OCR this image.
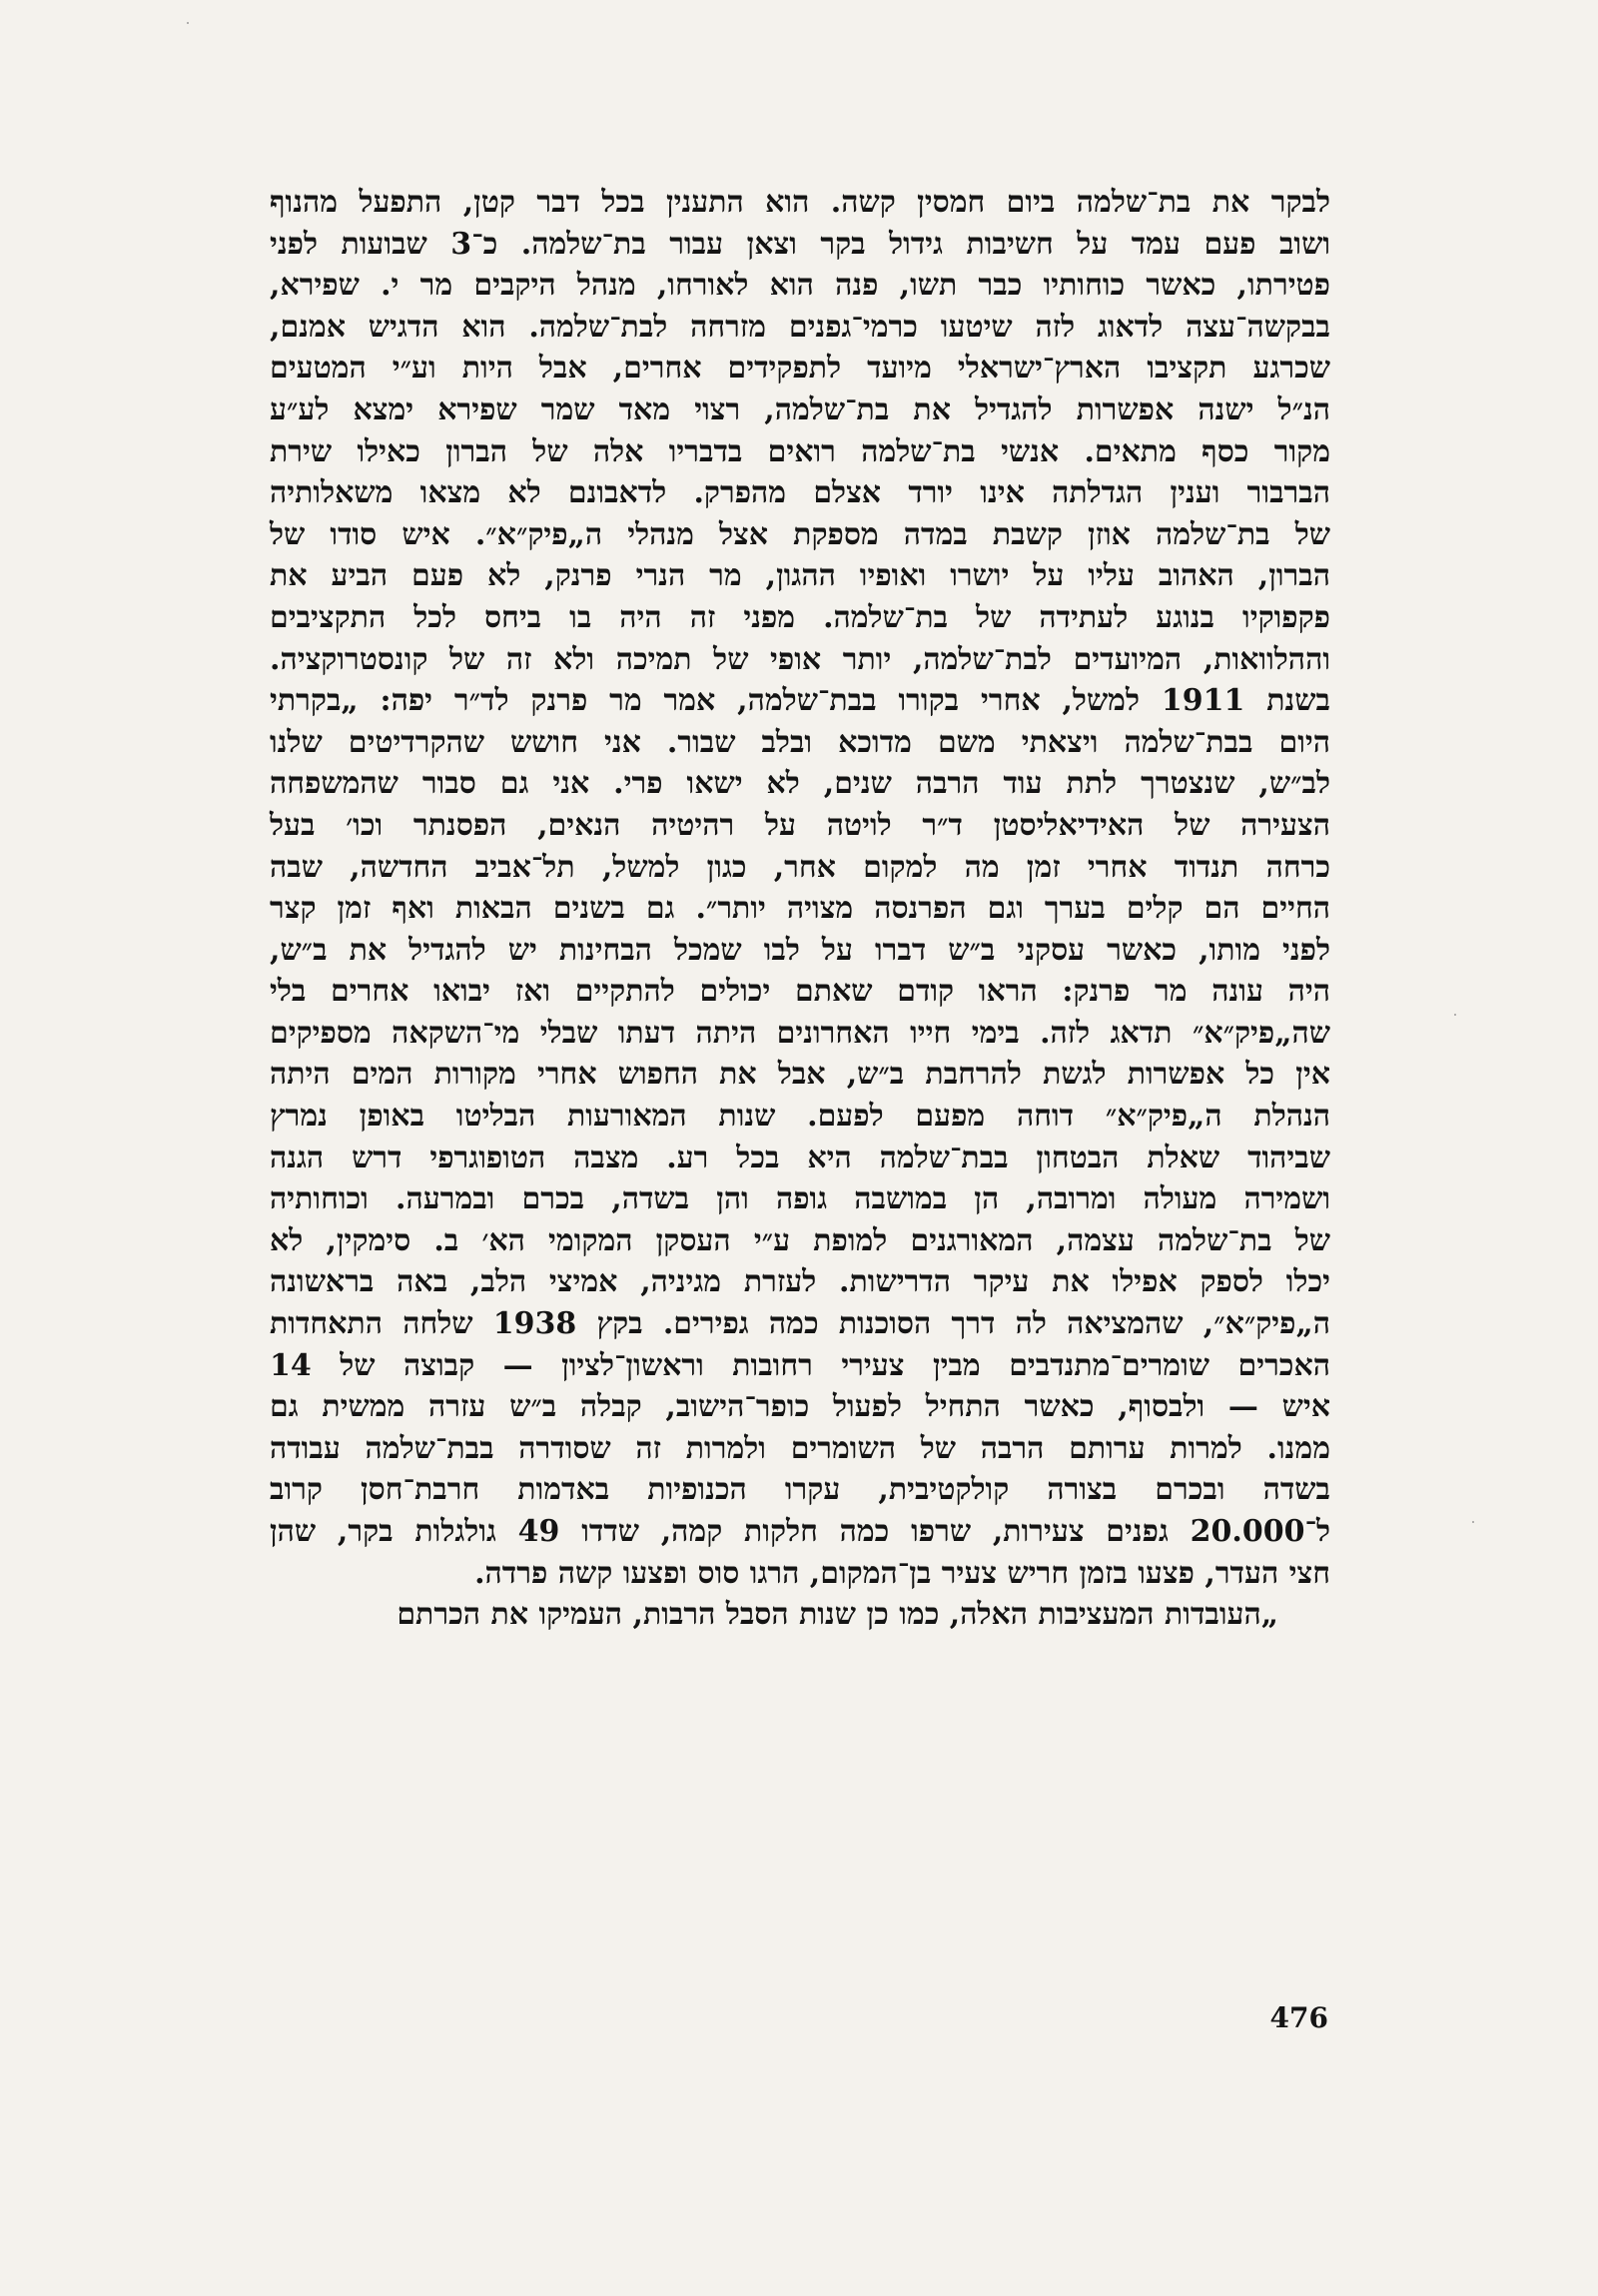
לבקר את בת־שלמה ביום חמסין קשה. הוא התענין בכל דבר קטן, התפעל מהנוף
ושוב פעם עמד על חשיבות גידול בקר וצאן עבור בת־שלמה. כ־3 שבועות לפני
פטירתו, כאשר כוחותיו כבר תשו, פנה הוא לאורחו, מנהל היקבים מר י. שפירא,
בבקשה־עצה לדאוג לזה שיטעו כרמי־גפנים מזרחה לבת־שלמה. הוא הדגיש אמנם,
שכרגע תקציבו הארץ־ישראלי מיועד לתפקידים אחרים, אבל היות וע״י המטעים
הנ״ל ישנה אפשרות להגדיל את בת־שלמה, רצוי מאד שמר שפירא ימצא לע״ע
מקור כסף מתאים. אנשי בת־שלמה רואים בדבריו אלה של הברון כאילו שירת
הברבור וענין הגדלתה אינו יורד אצלם מהפרק. לדאבונם לא מצאו משאלותיה
של בת־שלמה אוזן קשבת במדה מספקת אצל מנהלי ה„פיק״א״. איש סודו של
הברון, האהוב עליו על יושרו ואופיו ההגון, מר הנרי פרנק, לא פעם הביע את
פקפוקיו בנוגע לעתידה של בת־שלמה. מפני זה היה בו ביחס לכל התקציבים
וההלוואות, המיועדים לבת־שלמה, יותר אופי של תמיכה ולא זה של קונסטרוקציה.
בשנת 1911 למשל, אחרי בקורו בבת־שלמה, אמר מר פרנק לד״ר יפה: „בקרתי
היום בבת־שלמה ויצאתי משם מדוכא ובלב שבור. אני חושש שהקרדיטים שלנו
לב״ש, שנצטרך לתת עוד הרבה שנים, לא ישאו פרי. אני גם סבור שהמשפחה
הצעירה של האידיאליסטן ד״ר לויטה על רהיטיה הנאים, הפסנתר וכו׳ בעל
כרחה תנדוד אחרי זמן מה למקום אחר, כגון למשל, תל־אביב החדשה, שבה
החיים הם קלים בערך וגם הפרנסה מצויה יותר״. גם בשנים הבאות ואף זמן קצר
לפני מותו, כאשר עסקני ב״ש דברו על לבו שמכל הבחינות יש להגדיל את ב״ש,
היה עונה מר פרנק: הראו קודם שאתם יכולים להתקיים ואז יבואו אחרים בלי
שה„פיק״א״ תדאג לזה. בימי חייו האחרונים היתה דעתו שבלי מי־השקאה מספיקים
אין כל אפשרות לגשת להרחבת ב״ש, אבל את החפוש אחרי מקורות המים היתה
הנהלת ה„פיק״א״ דוחה מפעם לפעם. שנות המאורעות הבליטו באופן נמרץ
שביהוד שאלת הבטחון בבת־שלמה היא בכל רע. מצבה הטופוגרפי דרש הגנה
ושמירה מעולה ומרובה, הן במושבה גופה והן בשדה, בכרם ובמרעה. וכוחותיה
של בת־שלמה עצמה, המאורגנים למופת ע״י העסקן המקומי הא׳ ב. סימקין, לא
יכלו לספק אפילו את עיקר הדרישות. לעזרת מגיניה, אמיצי הלב, באה בראשונה
ה„פיק״א״, שהמציאה לה דרך הסוכנות כמה גפירים. בקץ 1938 שלחה התאחדות
האכרים שומרים־מתנדבים מבין צעירי רחובות וראשון־לציון — קבוצה של 14
איש — ולבסוף, כאשר התחיל לפעול כופר־הישוב, קבלה ב״ש עזרה ממשית גם
ממנו. למרות ערותם הרבה של השומרים ולמרות זה שסודרה בבת־שלמה עבודה
בשדה ובכרם בצורה קולקטיבית, עקרו הכנופיות באדמות חרבת־חסן קרוב
ל־20.000 גפנים צעירות, שרפו כמה חלקות קמה, שדדו 49 גולגלות בקר, שהן
חצי העדר, פצעו בזמן חריש צעיר בן־המקום, הרגו סוס ופצעו קשה פרדה.
„העובדות המעציבות האלה, כמו כן שנות הסבל הרבות, העמיקו את הכרתם
476
